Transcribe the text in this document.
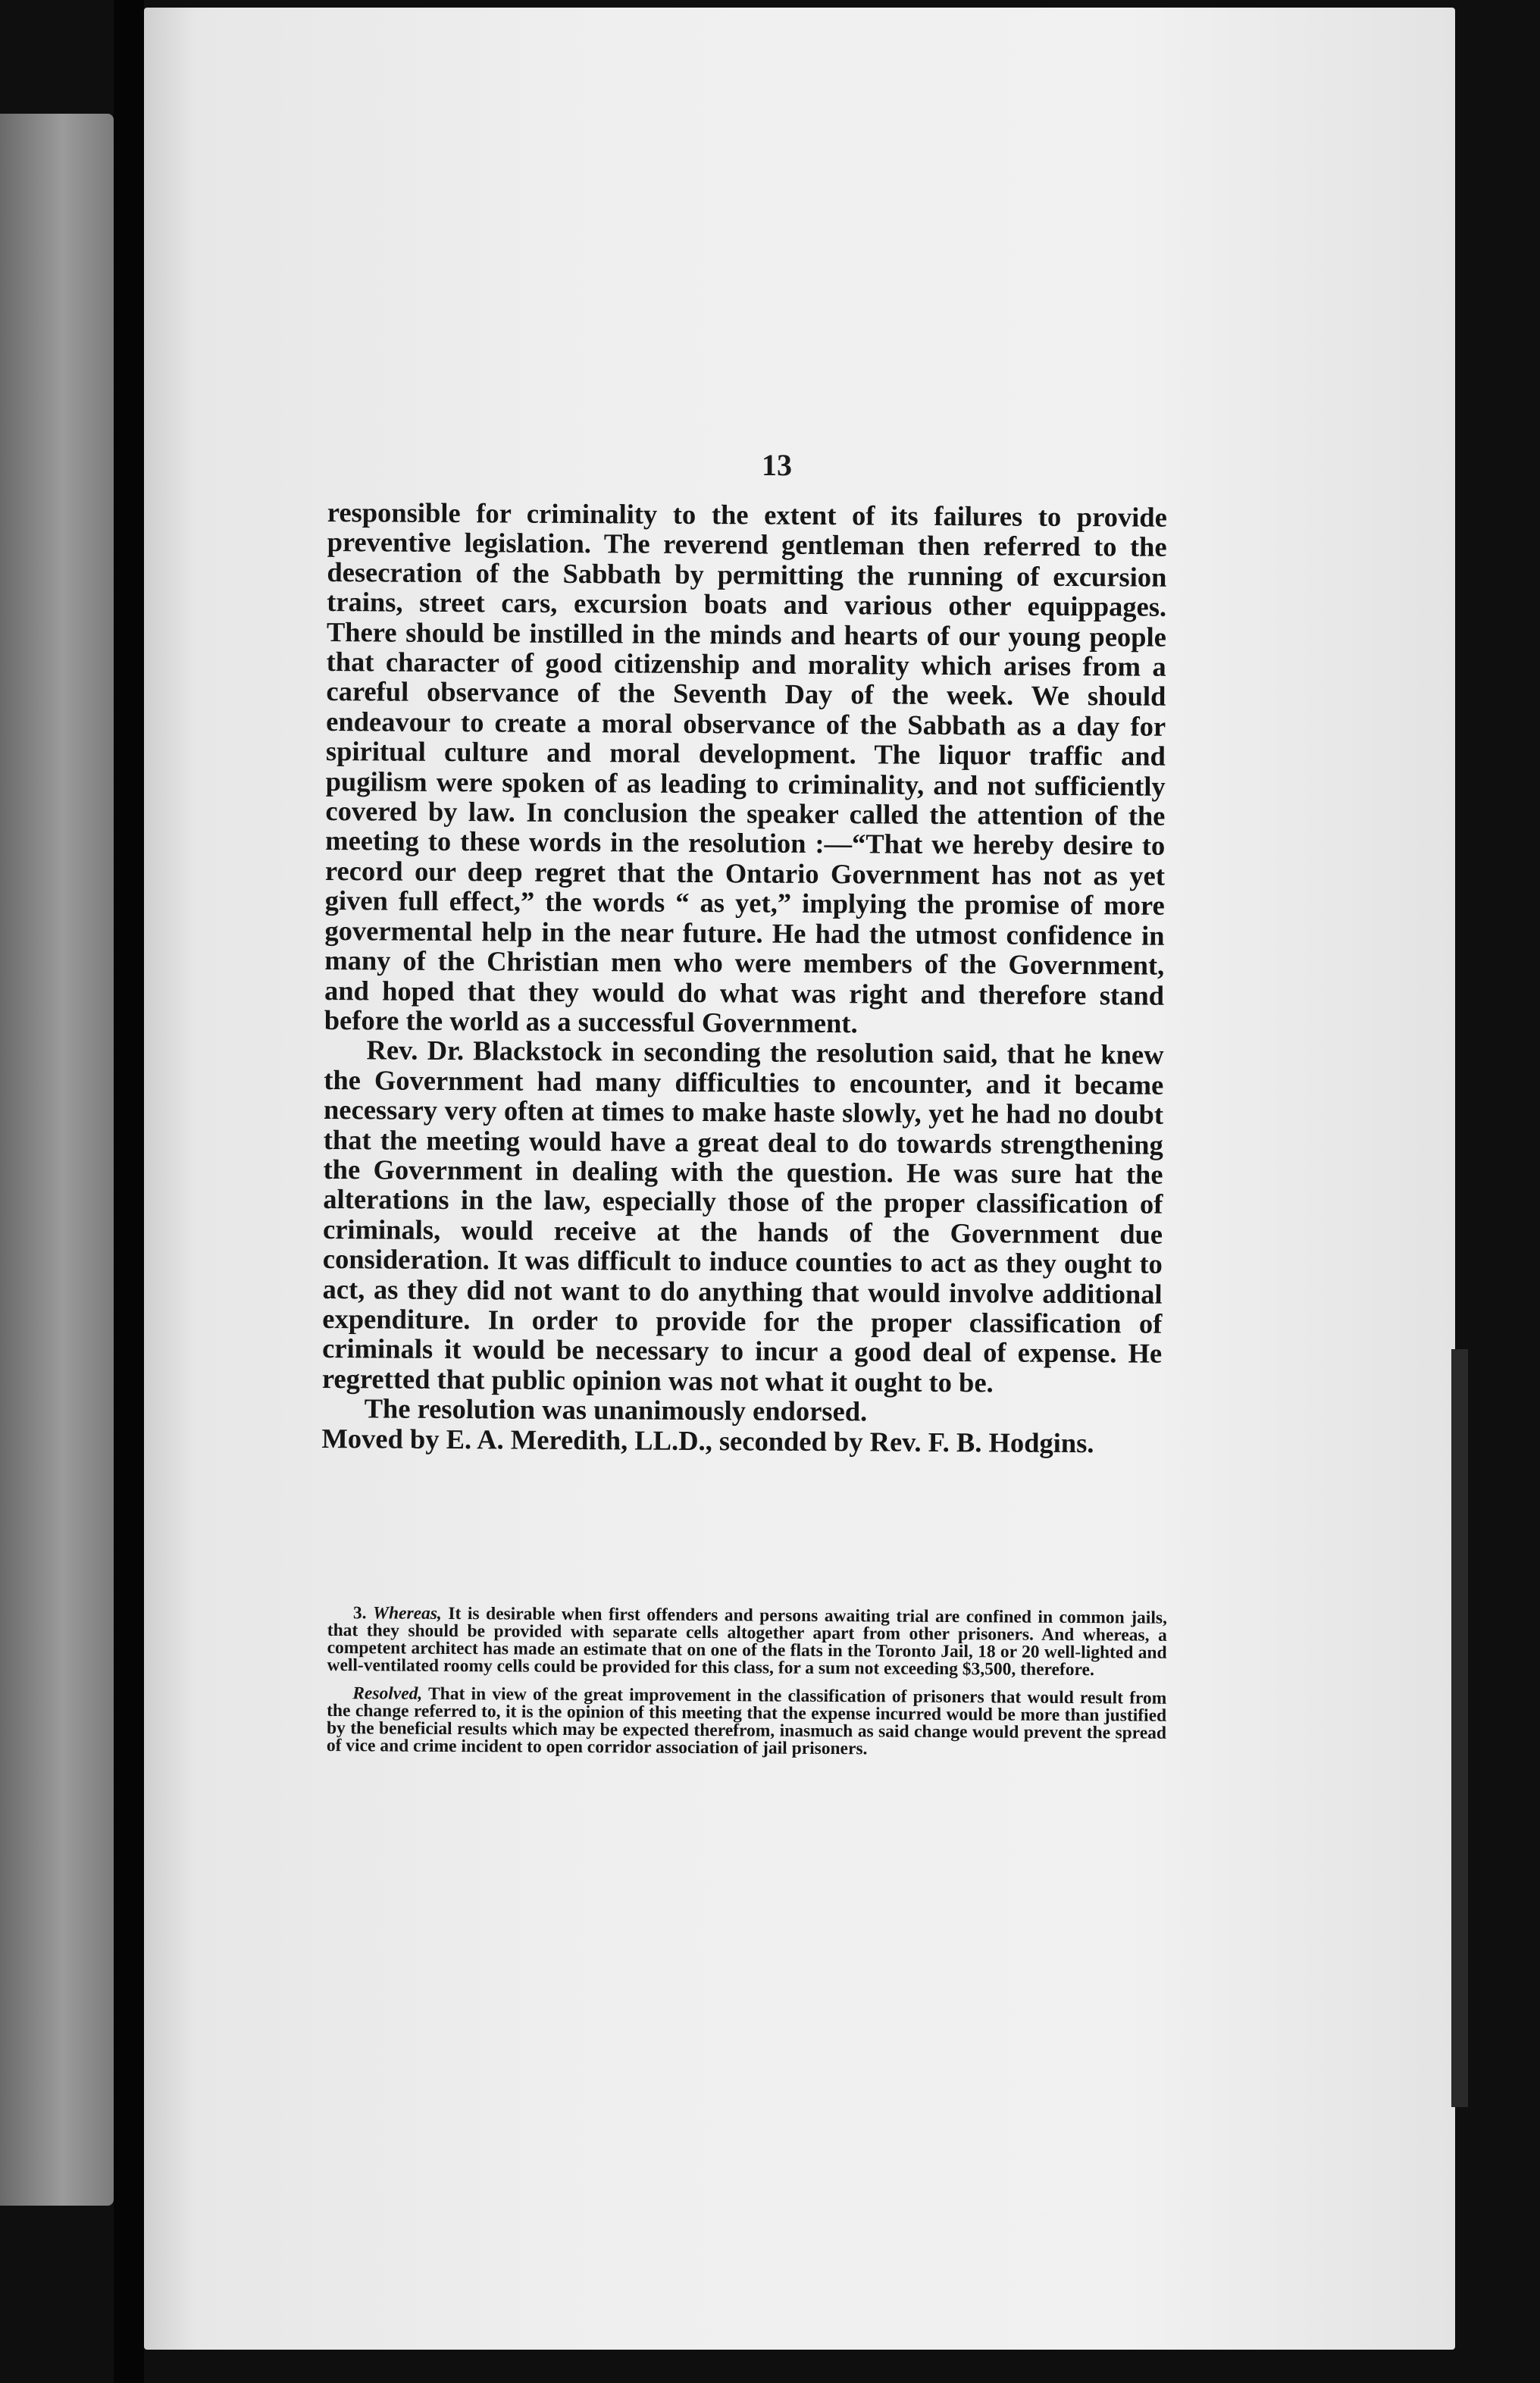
13

responsible for criminality to the extent of its failures to provide preventive legislation. The reverend gentleman then referred to the desecration of the Sabbath by permitting the running of excursion trains, street cars, excursion boats and various other equippages. There should be instilled in the minds and hearts of our young people that character of good citizenship and morality which arises from a careful observance of the Seventh Day of the week. We should endeavour to create a moral observance of the Sabbath as a day for spiritual culture and moral development. The liquor traffic and pugilism were spoken of as leading to criminality, and not sufficiently covered by law. In conclusion the speaker called the attention of the meeting to these words in the resolution :—“That we hereby desire to record our deep regret that the Ontario Government has not as yet given full effect,” the words “ as yet,” implying the promise of more govermental help in the near future. He had the utmost confidence in many of the Christian men who were members of the Government, and hoped that they would do what was right and therefore stand before the world as a successful Government.

Rev. Dr. Blackstock in seconding the resolution said, that he knew the Government had many difficulties to encounter, and it became necessary very often at times to make haste slowly, yet he had no doubt that the meeting would have a great deal to do towards strengthening the Government in dealing with the question. He was sure hat the alterations in the law, especially those of the proper classification of criminals, would receive at the hands of the Government due consideration. It was difficult to induce counties to act as they ought to act, as they did not want to do anything that would involve additional expenditure. In order to provide for the proper classification of criminals it would be necessary to incur a good deal of expense. He regretted that public opinion was not what it ought to be.

The resolution was unanimously endorsed.

Moved by E. A. Meredith, LL.D., seconded by Rev. F. B. Hodgins.

3. Whereas, It is desirable when first offenders and persons awaiting trial are confined in common jails, that they should be provided with separate cells altogether apart from other prisoners. And whereas, a competent architect has made an estimate that on one of the flats in the Toronto Jail, 18 or 20 well-lighted and well-ventilated roomy cells could be provided for this class, for a sum not exceeding $3,500, therefore.

Resolved, That in view of the great improvement in the classification of prisoners that would result from the change referred to, it is the opinion of this meeting that the expense incurred would be more than justified by the beneficial results which may be expected therefrom, inasmuch as said change would prevent the spread of vice and crime incident to open corridor association of jail prisoners.
